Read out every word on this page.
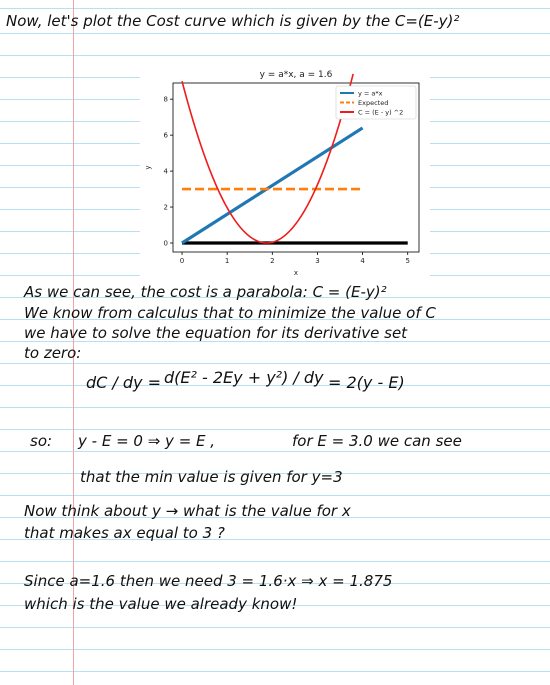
Now, let's plot the Cost curve which is given by the C=(E-y)²

y = a*x, a = 1.6
0	1	2	3	4	5
0
2
4
6
8
x
y
y = a*x
Expected
C = (E - y) ^2

As we can see, the cost is a parabola: C = (E-y)²

We know from calculus that to minimize the value of C

we have to solve the equation for its derivative set

to zero:

dC / dy = d(E² - 2Ey + y²) / dy = 2(y - E)

so: y - E = 0 ⇒ y = E ,	for E = 3.0 we can see

that the min value is given for y=3

Now think about y → what is the value for x

that makes ax equal to 3 ?

Since a=1.6 then we need 3 = 1.6·x ⇒ x = 1.875

which is the value we already know!
